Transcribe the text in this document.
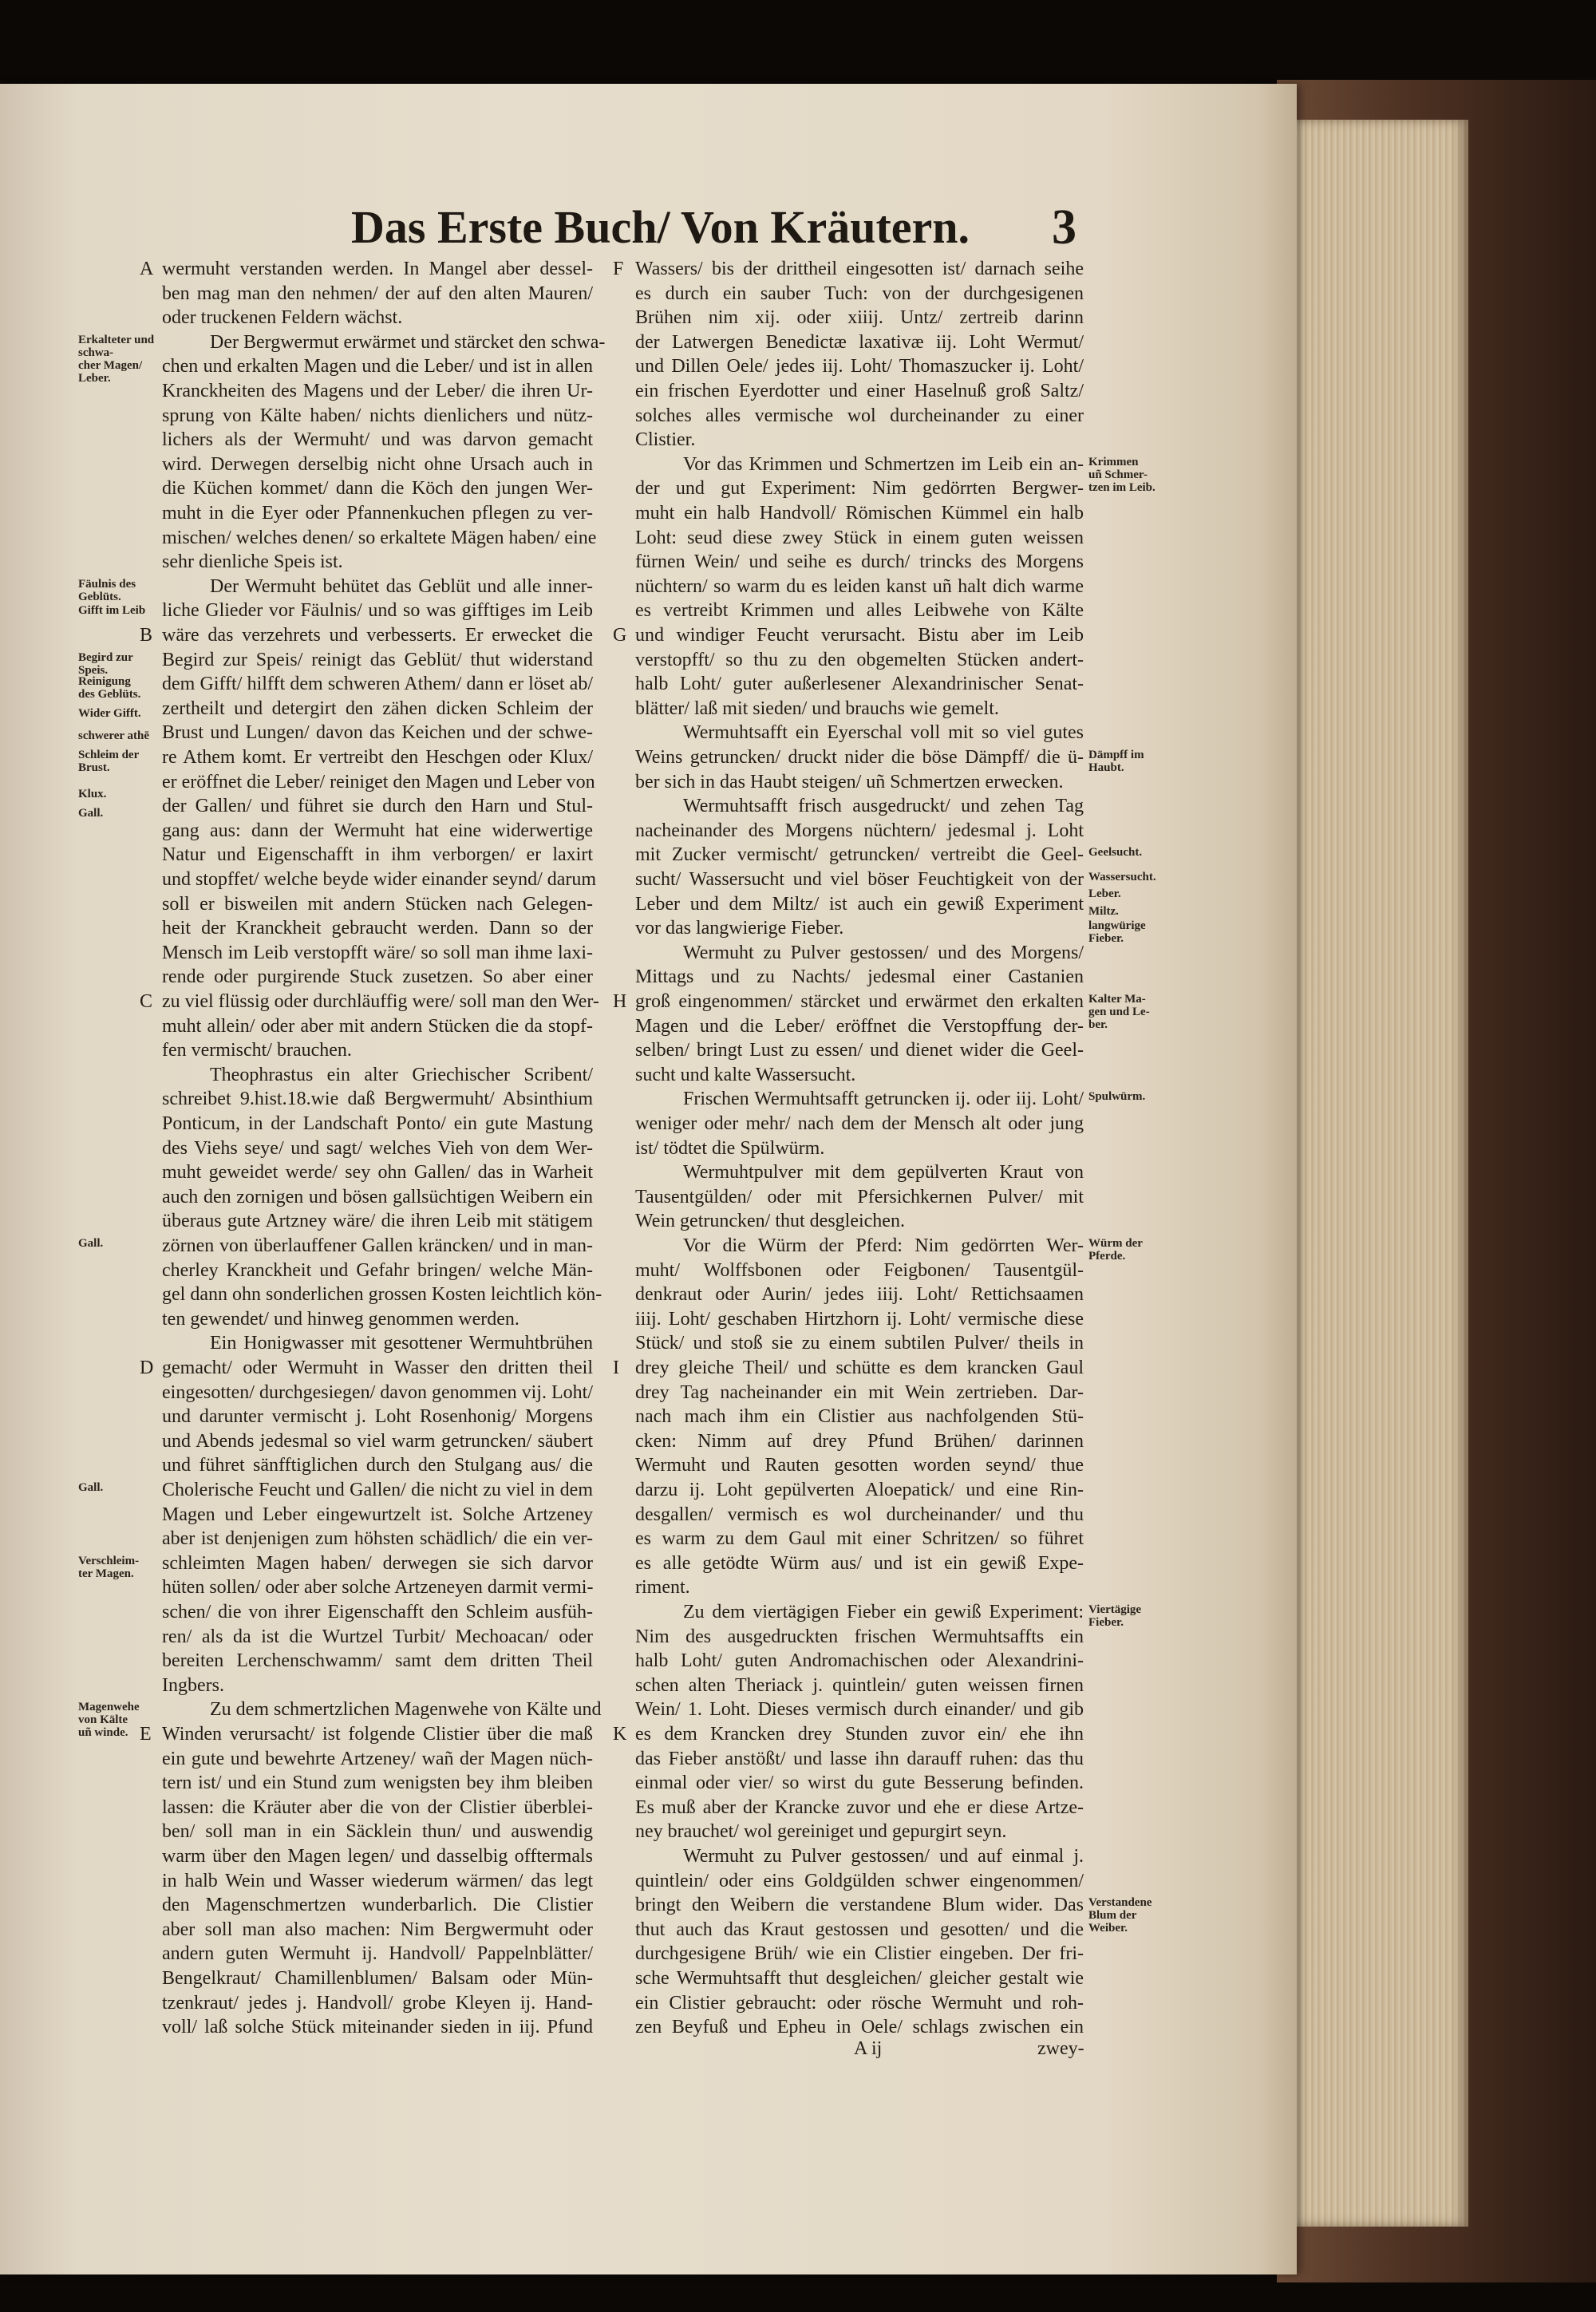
Das Erste Buch/ Von Kräutern. 3
wermuht verstanden werden. In Mangel aber dessel-
ben mag man den nehmen/ der auf den alten Mauren/
oder truckenen Feldern wächst.
Der Bergwermut erwärmet und stärcket den schwa-
chen und erkalten Magen und die Leber/ und ist in allen
Kranckheiten des Magens und der Leber/ die ihren Ur-
sprung von Kälte haben/ nichts dienlichers und nütz-
lichers als der Wermuht/ und was darvon gemacht
wird. Derwegen derselbig nicht ohne Ursach auch in
die Küchen kommet/ dann die Köch den jungen Wer-
muht in die Eyer oder Pfannenkuchen pflegen zu ver-
mischen/ welches denen/ so erkaltete Mägen haben/ eine
sehr dienliche Speis ist.
Der Wermuht behütet das Geblüt und alle inner-
liche Glieder vor Fäulnis/ und so was gifftiges im Leib
wäre das verzehrets und verbesserts. Er erwecket die
Begird zur Speis/ reinigt das Geblüt/ thut widerstand
dem Gifft/ hilfft dem schweren Athem/ dann er löset ab/
zertheilt und detergirt den zähen dicken Schleim der
Brust und Lungen/ davon das Keichen und der schwe-
re Athem komt. Er vertreibt den Heschgen oder Klux/
er eröffnet die Leber/ reiniget den Magen und Leber von
der Gallen/ und führet sie durch den Harn und Stul-
gang aus: dann der Wermuht hat eine widerwertige
Natur und Eigenschafft in ihm verborgen/ er laxirt
und stopffet/ welche beyde wider einander seynd/ darum
soll er bisweilen mit andern Stücken nach Gelegen-
heit der Kranckheit gebraucht werden. Dann so der
Mensch im Leib verstopfft wäre/ so soll man ihme laxi-
rende oder purgirende Stuck zusetzen. So aber einer
zu viel flüssig oder durchläuffig were/ soll man den Wer-
muht allein/ oder aber mit andern Stücken die da stopf-
fen vermischt/ brauchen.
Theophrastus ein alter Griechischer Scribent/
schreibet 9.hist.18.wie daß Bergwermuht/ Absinthium
Ponticum, in der Landschaft Ponto/ ein gute Mastung
des Viehs seye/ und sagt/ welches Vieh von dem Wer-
muht geweidet werde/ sey ohn Gallen/ das in Warheit
auch den zornigen und bösen gallsüchtigen Weibern ein
überaus gute Artzney wäre/ die ihren Leib mit stätigem
zörnen von überlauffener Gallen kräncken/ und in man-
cherley Kranckheit und Gefahr bringen/ welche Män-
gel dann ohn sonderlichen grossen Kosten leichtlich kön-
ten gewendet/ und hinweg genommen werden.
Ein Honigwasser mit gesottener Wermuhtbrühen
gemacht/ oder Wermuht in Wasser den dritten theil
eingesotten/ durchgesiegen/ davon genommen vij. Loht/
und darunter vermischt j. Loht Rosenhonig/ Morgens
und Abends jedesmal so viel warm getruncken/ säubert
und führet sänfftiglichen durch den Stulgang aus/ die
Cholerische Feucht und Gallen/ die nicht zu viel in dem
Magen und Leber eingewurtzelt ist. Solche Artzeney
aber ist denjenigen zum höhsten schädlich/ die ein ver-
schleimten Magen haben/ derwegen sie sich darvor
hüten sollen/ oder aber solche Artzeneyen darmit vermi-
schen/ die von ihrer Eigenschafft den Schleim ausfüh-
ren/ als da ist die Wurtzel Turbit/ Mechoacan/ oder
bereiten Lerchenschwamm/ samt dem dritten Theil
Ingbers.
Zu dem schmertzlichen Magenwehe von Kälte und
Winden verursacht/ ist folgende Clistier über die maß
ein gute und bewehrte Artzeney/ wañ der Magen nüch-
tern ist/ und ein Stund zum wenigsten bey ihm bleiben
lassen: die Kräuter aber die von der Clistier überblei-
ben/ soll man in ein Säcklein thun/ und auswendig
warm über den Magen legen/ und dasselbig offtermals
in halb Wein und Wasser wiederum wärmen/ das legt
den Magenschmertzen wunderbarlich. Die Clistier
aber soll man also machen: Nim Bergwermuht oder
andern guten Wermuht ij. Handvoll/ Pappelnblätter/
Bengelkraut/ Chamillenblumen/ Balsam oder Mün-
tzenkraut/ jedes j. Handvoll/ grobe Kleyen ij. Hand-
voll/ laß solche Stück miteinander sieden in iij. Pfund
Wassers/ bis der drittheil eingesotten ist/ darnach seihe
es durch ein sauber Tuch: von der durchgesigenen
Brühen nim xij. oder xiiij. Untz/ zertreib darinn
der Latwergen Benedictæ laxativæ iij. Loht Wermut/
und Dillen Oele/ jedes iij. Loht/ Thomaszucker ij. Loht/
ein frischen Eyerdotter und einer Haselnuß groß Saltz/
solches alles vermische wol durcheinander zu einer
Clistier.
Vor das Krimmen und Schmertzen im Leib ein an-
der und gut Experiment: Nim gedörrten Bergwer-
muht ein halb Handvoll/ Römischen Kümmel ein halb
Loht: seud diese zwey Stück in einem guten weissen
fürnen Wein/ und seihe es durch/ trincks des Morgens
nüchtern/ so warm du es leiden kanst uñ halt dich warme
es vertreibt Krimmen und alles Leibwehe von Kälte
und windiger Feucht verursacht. Bistu aber im Leib
verstopfft/ so thu zu den obgemelten Stücken andert-
halb Loht/ guter außerlesener Alexandrinischer Senat-
blätter/ laß mit sieden/ und brauchs wie gemelt.
Wermuhtsafft ein Eyerschal voll mit so viel gutes
Weins getruncken/ druckt nider die böse Dämpff/ die ü-
ber sich in das Haubt steigen/ uñ Schmertzen erwecken.
Wermuhtsafft frisch ausgedruckt/ und zehen Tag
nacheinander des Morgens nüchtern/ jedesmal j. Loht
mit Zucker vermischt/ getruncken/ vertreibt die Geel-
sucht/ Wassersucht und viel böser Feuchtigkeit von der
Leber und dem Miltz/ ist auch ein gewiß Experiment
vor das langwierige Fieber.
Wermuht zu Pulver gestossen/ und des Morgens/
Mittags und zu Nachts/ jedesmal einer Castanien
groß eingenommen/ stärcket und erwärmet den erkalten
Magen und die Leber/ eröffnet die Verstopffung der-
selben/ bringt Lust zu essen/ und dienet wider die Geel-
sucht und kalte Wassersucht.
Frischen Wermuhtsafft getruncken ij. oder iij. Loht/
weniger oder mehr/ nach dem der Mensch alt oder jung
ist/ tödtet die Spülwürm.
Wermuhtpulver mit dem gepülverten Kraut von
Tausentgülden/ oder mit Pfersichkernen Pulver/ mit
Wein getruncken/ thut desgleichen.
Vor die Würm der Pferd: Nim gedörrten Wer-
muht/ Wolffsbonen oder Feigbonen/ Tausentgül-
denkraut oder Aurin/ jedes iiij. Loht/ Rettichsaamen
iiij. Loht/ geschaben Hirtzhorn ij. Loht/ vermische diese
Stück/ und stoß sie zu einem subtilen Pulver/ theils in
drey gleiche Theil/ und schütte es dem krancken Gaul
drey Tag nacheinander ein mit Wein zertrieben. Dar-
nach mach ihm ein Clistier aus nachfolgenden Stü-
cken: Nimm auf drey Pfund Brühen/ darinnen
Wermuht und Rauten gesotten worden seynd/ thue
darzu ij. Loht gepülverten Aloepatick/ und eine Rin-
desgallen/ vermisch es wol durcheinander/ und thu
es warm zu dem Gaul mit einer Schritzen/ so führet
es alle getödte Würm aus/ und ist ein gewiß Expe-
riment.
Zu dem viertägigen Fieber ein gewiß Experiment:
Nim des ausgedruckten frischen Wermuhtsaffts ein
halb Loht/ guten Andromachischen oder Alexandrini-
schen alten Theriack j. quintlein/ guten weissen firnen
Wein/ 1. Loht. Dieses vermisch durch einander/ und gib
es dem Krancken drey Stunden zuvor ein/ ehe ihn
das Fieber anstößt/ und lasse ihn darauff ruhen: das thu
einmal oder vier/ so wirst du gute Besserung befinden.
Es muß aber der Krancke zuvor und ehe er diese Artze-
ney brauchet/ wol gereiniget und gepurgirt seyn.
Wermuht zu Pulver gestossen/ und auf einmal j.
quintlein/ oder eins Goldgülden schwer eingenommen/
bringt den Weibern die verstandene Blum wider. Das
thut auch das Kraut gestossen und gesotten/ und die
durchgesigene Brüh/ wie ein Clistier eingeben. Der fri-
sche Wermuhtsafft thut desgleichen/ gleicher gestalt wie
ein Clistier gebraucht: oder rösche Wermuht und roh-
zen Beyfuß und Epheu in Oele/ schlags zwischen ein
Erkalteter und schwa-
cher Magen/
Leber.
Fäulnis des
Geblüts.
Gifft im Leib
Begird zur
Speis.
Reinigung
des Geblüts.
Wider Gifft.
schwerer athē
Schleim der
Brust.
Klux.
Gall.
Gall.
Gall.
Verschleim-
ter Magen.
Magenwehe
von Kälte
uñ winde.
Krimmen
uñ Schmer-
tzen im Leib.
Dämpff im
Haubt.
Geelsucht.
Wassersucht.
Leber.
Miltz.
langwürige
Fieber.
Kalter Ma-
gen und Le-
ber.
Spulwürm.
Würm der
Pferde.
Viertägige
Fieber.
Verstandene
Blum der
Weiber.
A
B
C
D
E
F
G
H
I
K
A ij	zwey-
